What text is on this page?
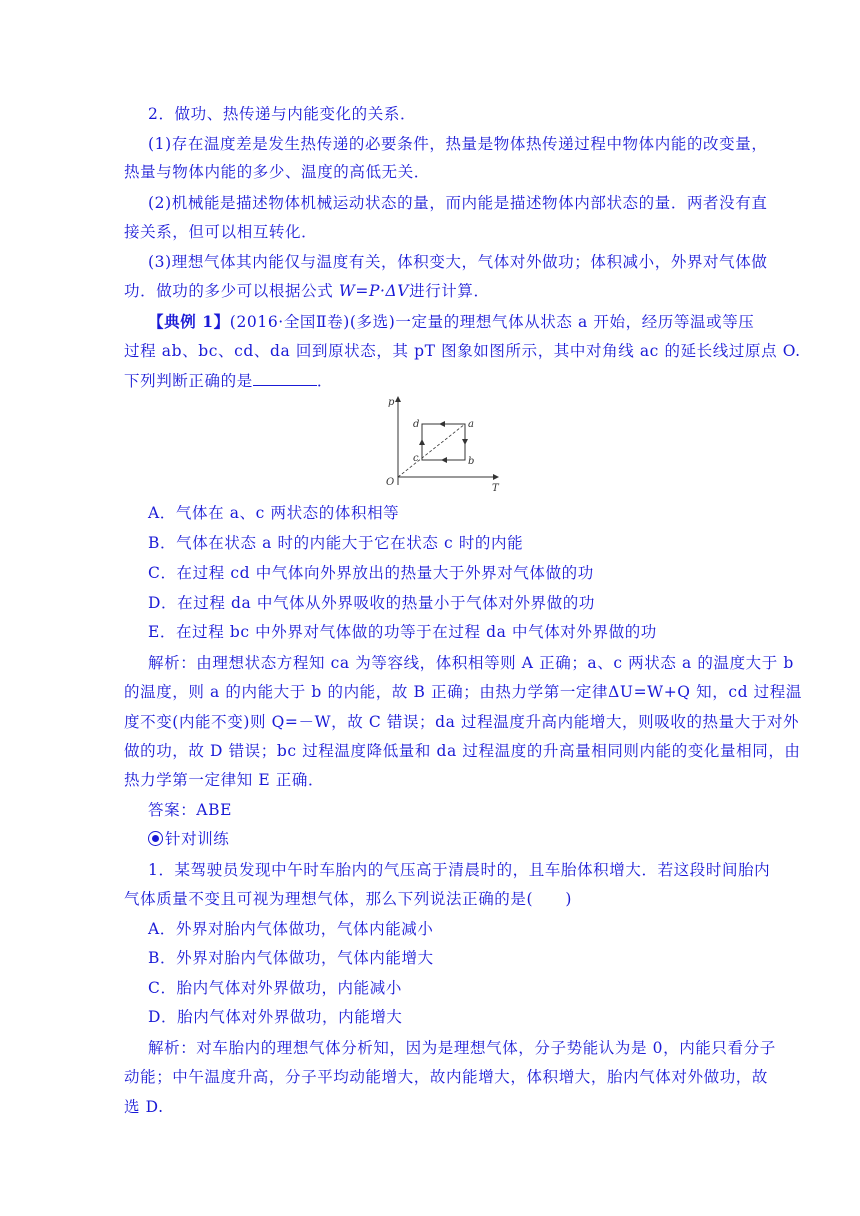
2．做功、热传递与内能变化的关系．
(1)存在温度差是发生热传递的必要条件，热量是物体热传递过程中物体内能的改变量，
热量与物体内能的多少、温度的高低无关．
(2)机械能是描述物体机械运动状态的量，而内能是描述物体内部状态的量．两者没有直
接关系，但可以相互转化．
(3)理想气体其内能仅与温度有关，体积变大，气体对外做功；体积减小，外界对气体做
功．做功的多少可以根据公式 W=P·ΔV进行计算．
【典例 1】(2016·全国Ⅱ卷)(多选)一定量的理想气体从状态 a 开始，经历等温或等压
过程 ab、bc、cd、da 回到原状态，其 pT 图象如图所示，其中对角线 ac 的延长线过原点 O.
下列判断正确的是	．
p
T
O
a
b
c
d
A．气体在 a、c 两状态的体积相等
B．气体在状态 a 时的内能大于它在状态 c 时的内能
C．在过程 cd 中气体向外界放出的热量大于外界对气体做的功
D．在过程 da 中气体从外界吸收的热量小于气体对外界做的功
E．在过程 bc 中外界对气体做的功等于在过程 da 中气体对外界做的功
解析：由理想状态方程知 ca 为等容线，体积相等则 A 正确；a、c 两状态 a 的温度大于 b
的温度，则 a 的内能大于 b 的内能，故 B 正确；由热力学第一定律ΔU=W+Q 知，cd 过程温
度不变(内能不变)则 Q=－W，故 C 错误；da 过程温度升高内能增大，则吸收的热量大于对外
做的功，故 D 错误；bc 过程温度降低量和 da 过程温度的升高量相同则内能的变化量相同，由
热力学第一定律知 E 正确．
答案：ABE
针对训练
1．某驾驶员发现中午时车胎内的气压高于清晨时的，且车胎体积增大．若这段时间胎内
气体质量不变且可视为理想气体，那么下列说法正确的是(　　)
A．外界对胎内气体做功，气体内能减小
B．外界对胎内气体做功，气体内能增大
C．胎内气体对外界做功，内能减小
D．胎内气体对外界做功，内能增大
解析：对车胎内的理想气体分析知，因为是理想气体，分子势能认为是 0，内能只看分子
动能；中午温度升高，分子平均动能增大，故内能增大，体积增大，胎内气体对外做功，故
选 D.
